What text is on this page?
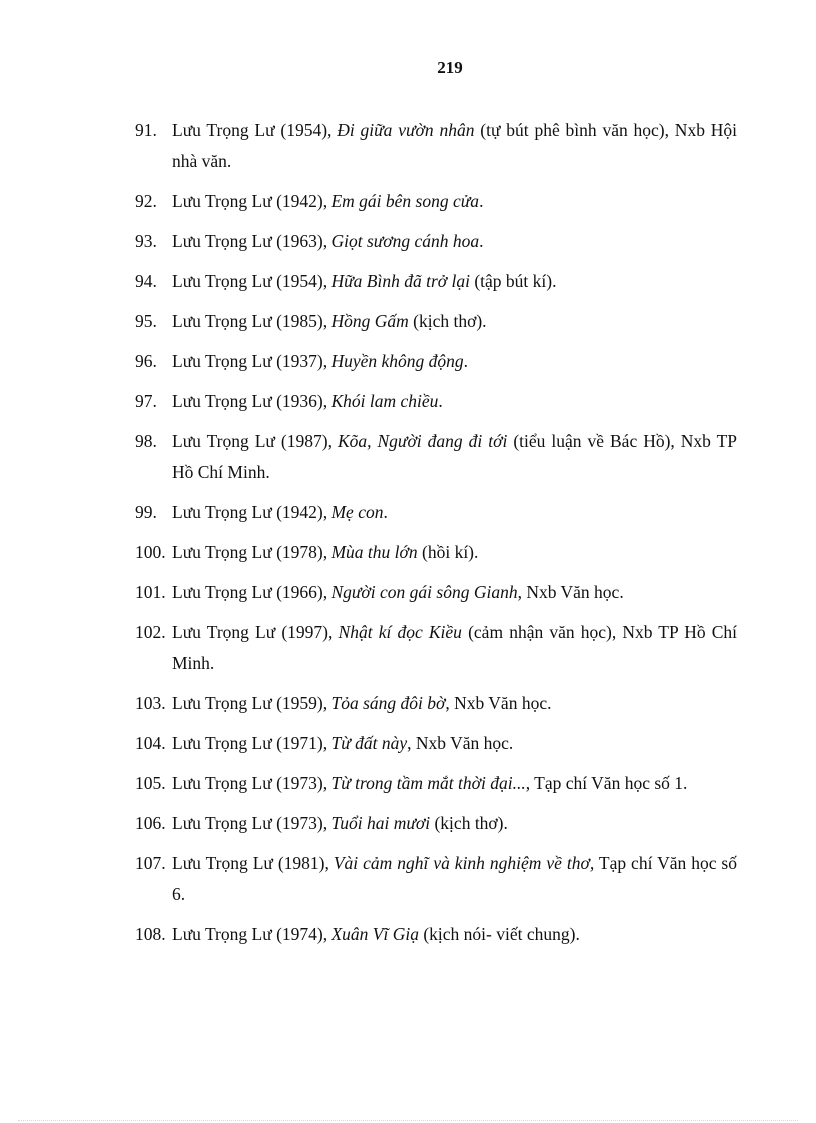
219
91. Lưu Trọng Lư (1954), Đi giữa vườn nhân (tự bút phê bình văn học), Nxb Hội nhà văn.
92. Lưu Trọng Lư (1942), Em gái bên song cửa.
93. Lưu Trọng Lư (1963), Giọt sương cánh hoa.
94. Lưu Trọng Lư (1954), Hữa Bình đã trở lại (tập bút kí).
95. Lưu Trọng Lư (1985), Hồng Gấm (kịch thơ).
96. Lưu Trọng Lư (1937), Huyền không động.
97. Lưu Trọng Lư (1936), Khói lam chiều.
98. Lưu Trọng Lư (1987), Kõa, Người đang đi tới (tiểu luận về Bác Hồ), Nxb TP Hồ Chí Minh.
99. Lưu Trọng Lư (1942), Mẹ con.
100. Lưu Trọng Lư (1978), Mùa thu lớn (hồi kí).
101. Lưu Trọng Lư (1966), Người con gái sông Gianh, Nxb Văn học.
102. Lưu Trọng Lư (1997), Nhật kí đọc Kiều (cảm nhận văn học), Nxb TP Hồ Chí Minh.
103. Lưu Trọng Lư (1959), Tỏa sáng đôi bờ, Nxb Văn học.
104. Lưu Trọng Lư (1971), Từ đất này, Nxb Văn học.
105. Lưu Trọng Lư (1973), Từ trong tầm mắt thời đại..., Tạp chí Văn học số 1.
106. Lưu Trọng Lư (1973), Tuổi hai mươi (kịch thơ).
107. Lưu Trọng Lư (1981), Vài cảm nghĩ và kinh nghiệm về thơ, Tạp chí Văn học số 6.
108. Lưu Trọng Lư (1974), Xuân Vĩ Giạ (kịch nói- viết chung).
